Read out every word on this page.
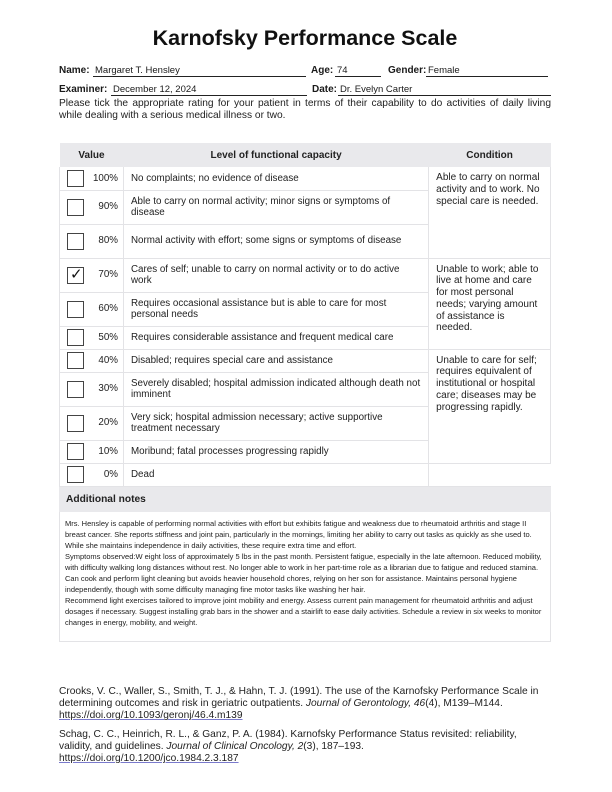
Karnofsky Performance Scale
Name: Margaret T. Hensley	Age: 74	Gender: Female
Examiner: December 12, 2024	Date: Dr. Evelyn Carter
Please tick the appropriate rating for your patient in terms of their capability to do activities of daily living while dealing with a serious medical illness or two.
Value	Level of functional capacity	Condition
100%	No complaints; no evidence of disease	Able to carry on normal activity and to work. No special care is needed.
90%	Able to carry on normal activity; minor signs or symptoms of disease	
80%	Normal activity with effort; some signs or symptoms of disease	

✓ 70%	Cares of self; unable to carry on normal activity or to do active work	Unable to work; able to live at home and care for most personal needs; varying amount of assistance is needed.
60%	Requires occasional assistance but is able to care for most personal needs	
50%	Requires considerable assistance and frequent medical care	
40%	Disabled; requires special care and assistance	Unable to care for self; requires equivalent of institutional or hospital care; diseases may be progressing rapidly.
30%	Severely disabled; hospital admission indicated although death not imminent	
20%	Very sick; hospital admission necessary; active supportive treatment necessary	
10%	Moribund; fatal processes progressing rapidly	
0%	Dead	
Additional notes
Mrs. Hensley is capable of performing normal activities with effort but exhibits fatigue and weakness due to rheumatoid arthritis and stage II breast cancer. She reports stiffness and joint pain, particularly in the mornings, limiting her ability to carry out tasks as quickly as she used to. While she maintains independence in daily activities, these require extra time and effort.
Symptoms observed:W eight loss of approximately 5 lbs in the past month. Persistent fatigue, especially in the late afternoon. Reduced mobility, with difficulty walking long distances without rest. No longer able to work in her part-time role as a librarian due to fatigue and reduced stamina. Can cook and perform light cleaning but avoids heavier household chores, relying on her son for assistance. Maintains personal hygiene independently, though with some difficulty managing fine motor tasks like washing her hair.
Recommend light exercises tailored to improve joint mobility and energy. Assess current pain management for rheumatoid arthritis and adjust dosages if necessary. Suggest installing grab bars in the shower and a stairlift to ease daily activities. Schedule a review in six weeks to monitor changes in energy, mobility, and weight.
Crooks, V. C., Waller, S., Smith, T. J., & Hahn, T. J. (1991). The use of the Karnofsky Performance Scale in determining outcomes and risk in geriatric outpatients. Journal of Gerontology, 46(4), M139–M144. https://doi.org/10.1093/geronj/46.4.m139
Schag, C. C., Heinrich, R. L., & Ganz, P. A. (1984). Karnofsky Performance Status revisited: reliability, validity, and guidelines. Journal of Clinical Oncology, 2(3), 187–193.
https://doi.org/10.1200/jco.1984.2.3.187
